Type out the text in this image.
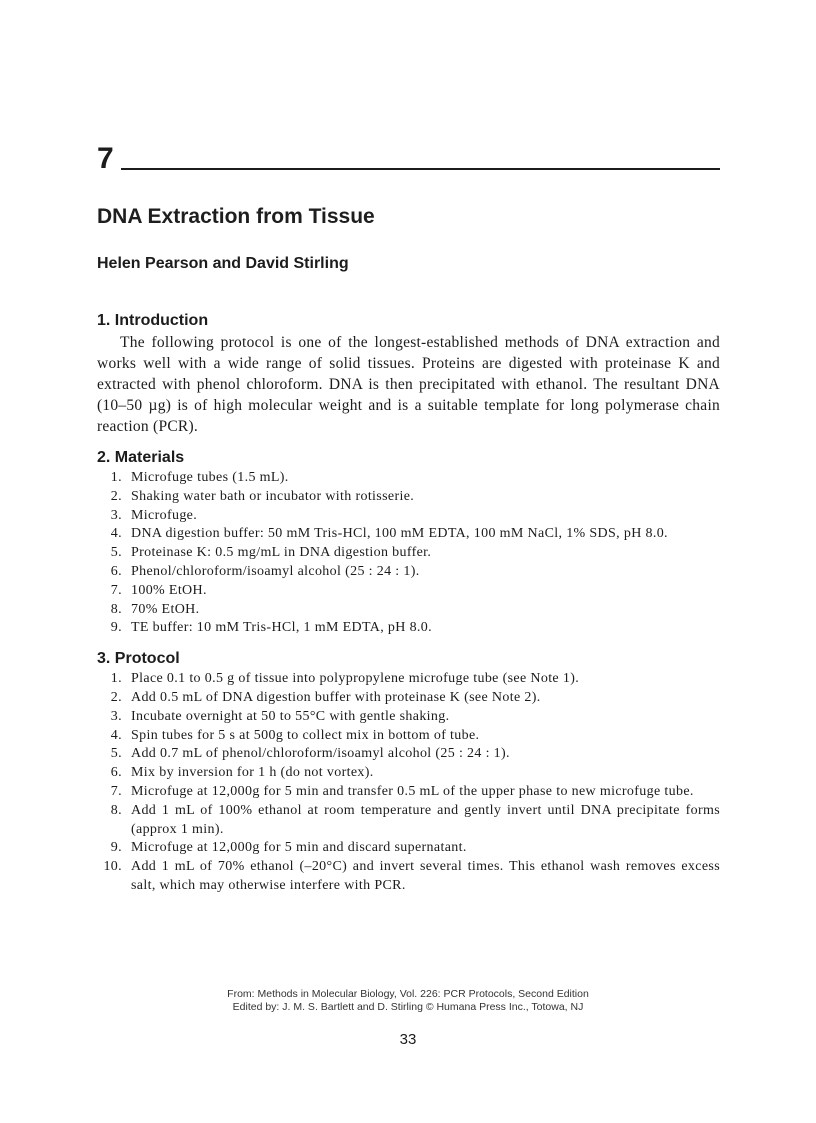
7
DNA Extraction from Tissue
Helen Pearson and David Stirling
1. Introduction

The following protocol is one of the longest-established methods of DNA extraction and works well with a wide range of solid tissues. Proteins are digested with proteinase K and extracted with phenol chloroform. DNA is then precipitated with ethanol. The resultant DNA (10–50 µg) is of high molecular weight and is a suitable template for long polymerase chain reaction (PCR).

2. Materials
1. Microfuge tubes (1.5 mL).
2. Shaking water bath or incubator with rotisserie.
3. Microfuge.
4. DNA digestion buffer: 50 mM Tris-HCl, 100 mM EDTA, 100 mM NaCl, 1% SDS, pH 8.0.
5. Proteinase K: 0.5 mg/mL in DNA digestion buffer.
6. Phenol/chloroform/isoamyl alcohol (25 : 24 : 1).
7. 100% EtOH.
8. 70% EtOH.
9. TE buffer: 10 mM Tris-HCl, 1 mM EDTA, pH 8.0.
3. Protocol
1. Place 0.1 to 0.5 g of tissue into polypropylene microfuge tube (see Note 1).
2. Add 0.5 mL of DNA digestion buffer with proteinase K (see Note 2).
3. Incubate overnight at 50 to 55°C with gentle shaking.
4. Spin tubes for 5 s at 500g to collect mix in bottom of tube.
5. Add 0.7 mL of phenol/chloroform/isoamyl alcohol (25 : 24 : 1).
6. Mix by inversion for 1 h (do not vortex).
7. Microfuge at 12,000g for 5 min and transfer 0.5 mL of the upper phase to new microfuge tube.
8. Add 1 mL of 100% ethanol at room temperature and gently invert until DNA precipitate forms (approx 1 min).
9. Microfuge at 12,000g for 5 min and discard supernatant.
10. Add 1 mL of 70% ethanol (–20°C) and invert several times. This ethanol wash removes excess salt, which may otherwise interfere with PCR.
From: Methods in Molecular Biology, Vol. 226: PCR Protocols, Second Edition
Edited by: J. M. S. Bartlett and D. Stirling © Humana Press Inc., Totowa, NJ
33
